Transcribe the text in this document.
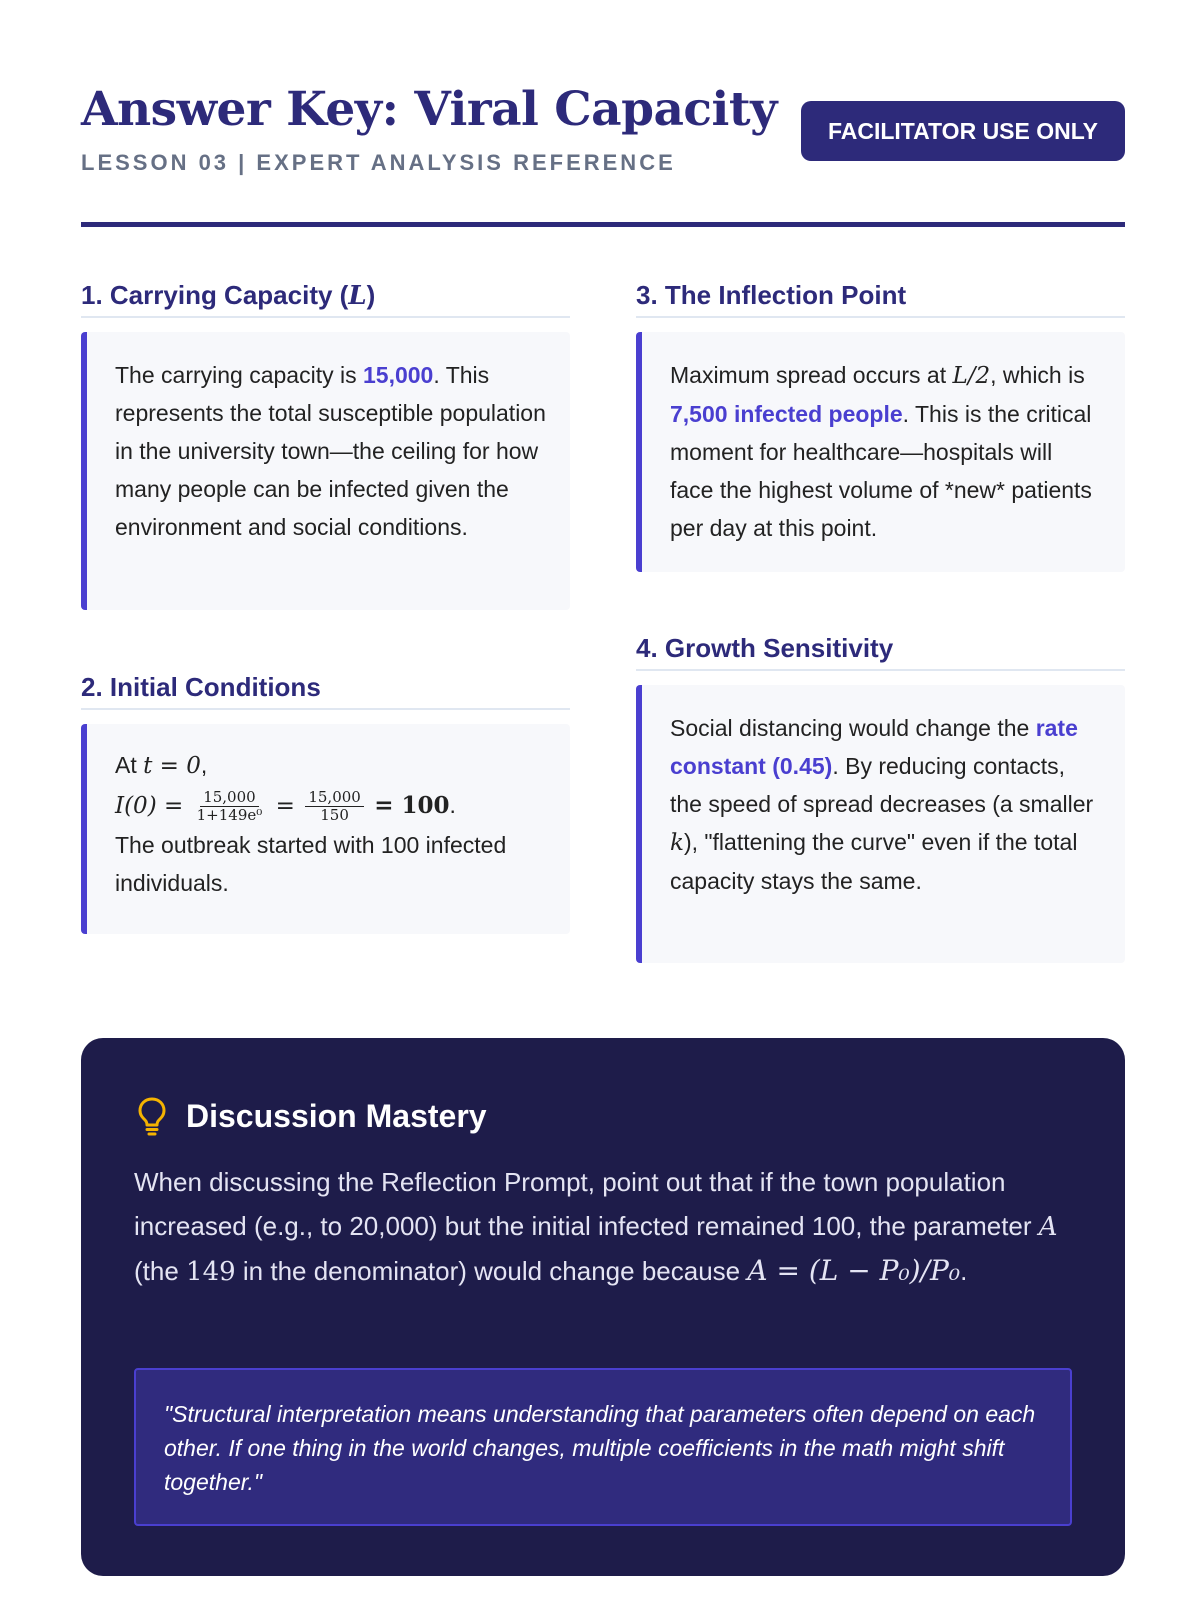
Answer Key: Viral Capacity
LESSON 03 | EXPERT ANALYSIS REFERENCE
FACILITATOR USE ONLY
1. Carrying Capacity (L)
The carrying capacity is 15,000. This represents the total susceptible population in the university town—the ceiling for how many people can be infected given the environment and social conditions.
2. Initial Conditions
At t = 0,
$I(0) = \frac{15,000}{\text{1+149e⁰}} = \frac{15,000}{150} = 100$.
The outbreak started with 100 infected individuals.
3. The Inflection Point
Maximum spread occurs at L/2, which is 7,500 infected people. This is the critical moment for healthcare—hospitals will face the highest volume of *new* patients per day at this point.
4. Growth Sensitivity
Social distancing would change the rate constant (0.45). By reducing contacts, the speed of spread decreases (a smaller k), "flattening the curve" even if the total capacity stays the same.
Discussion Mastery
When discussing the Reflection Prompt, point out that if the town population increased (e.g., to 20,000) but the initial infected remained 100, the parameter A (the 149 in the denominator) would change because A = (L − P₀)/P₀.
"Structural interpretation means understanding that parameters often depend on each other. If one thing in the world changes, multiple coefficients in the math might shift together."
